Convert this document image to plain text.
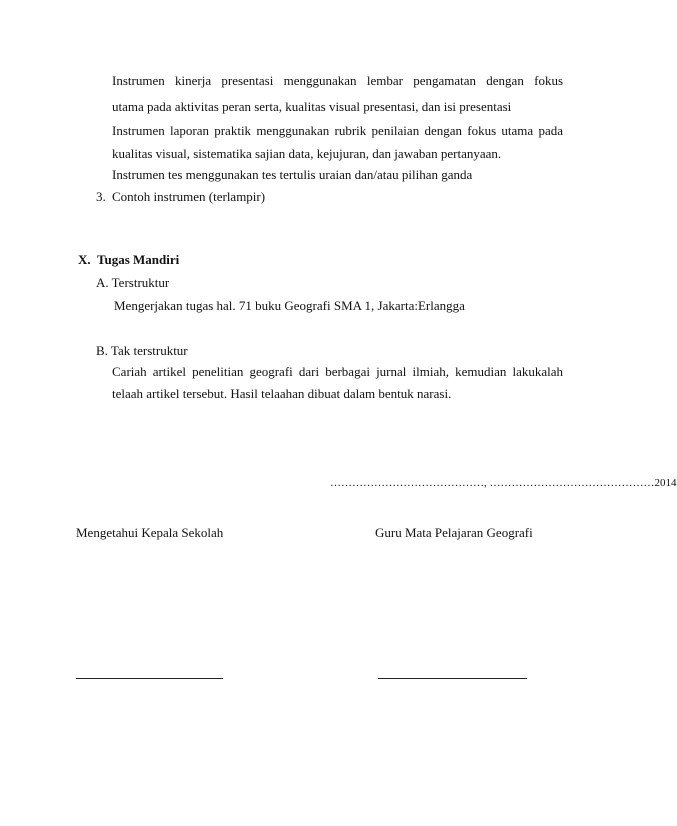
Instrumen kinerja presentasi menggunakan lembar pengamatan dengan fokus
utama pada aktivitas peran serta, kualitas visual presentasi, dan isi presentasi
Instrumen laporan praktik menggunakan rubrik penilaian dengan fokus utama pada
kualitas visual, sistematika sajian data, kejujuran, dan jawaban pertanyaan.
Instrumen tes menggunakan tes tertulis uraian dan/atau pilihan ganda
3. Contoh instrumen (terlampir)
X. Tugas Mandiri
A. Terstruktur
Mengerjakan tugas hal. 71 buku Geografi SMA 1, Jakarta:Erlangga
B. Tak terstruktur
Cariah artikel penelitian geografi dari berbagai jurnal ilmiah, kemudian lakukalah
telaah artikel tersebut. Hasil telaahan dibuat dalam bentuk narasi.
……………………………………, ………………………………………2014
Mengetahui Kepala Sekolah	Guru Mata Pelajaran Geografi
